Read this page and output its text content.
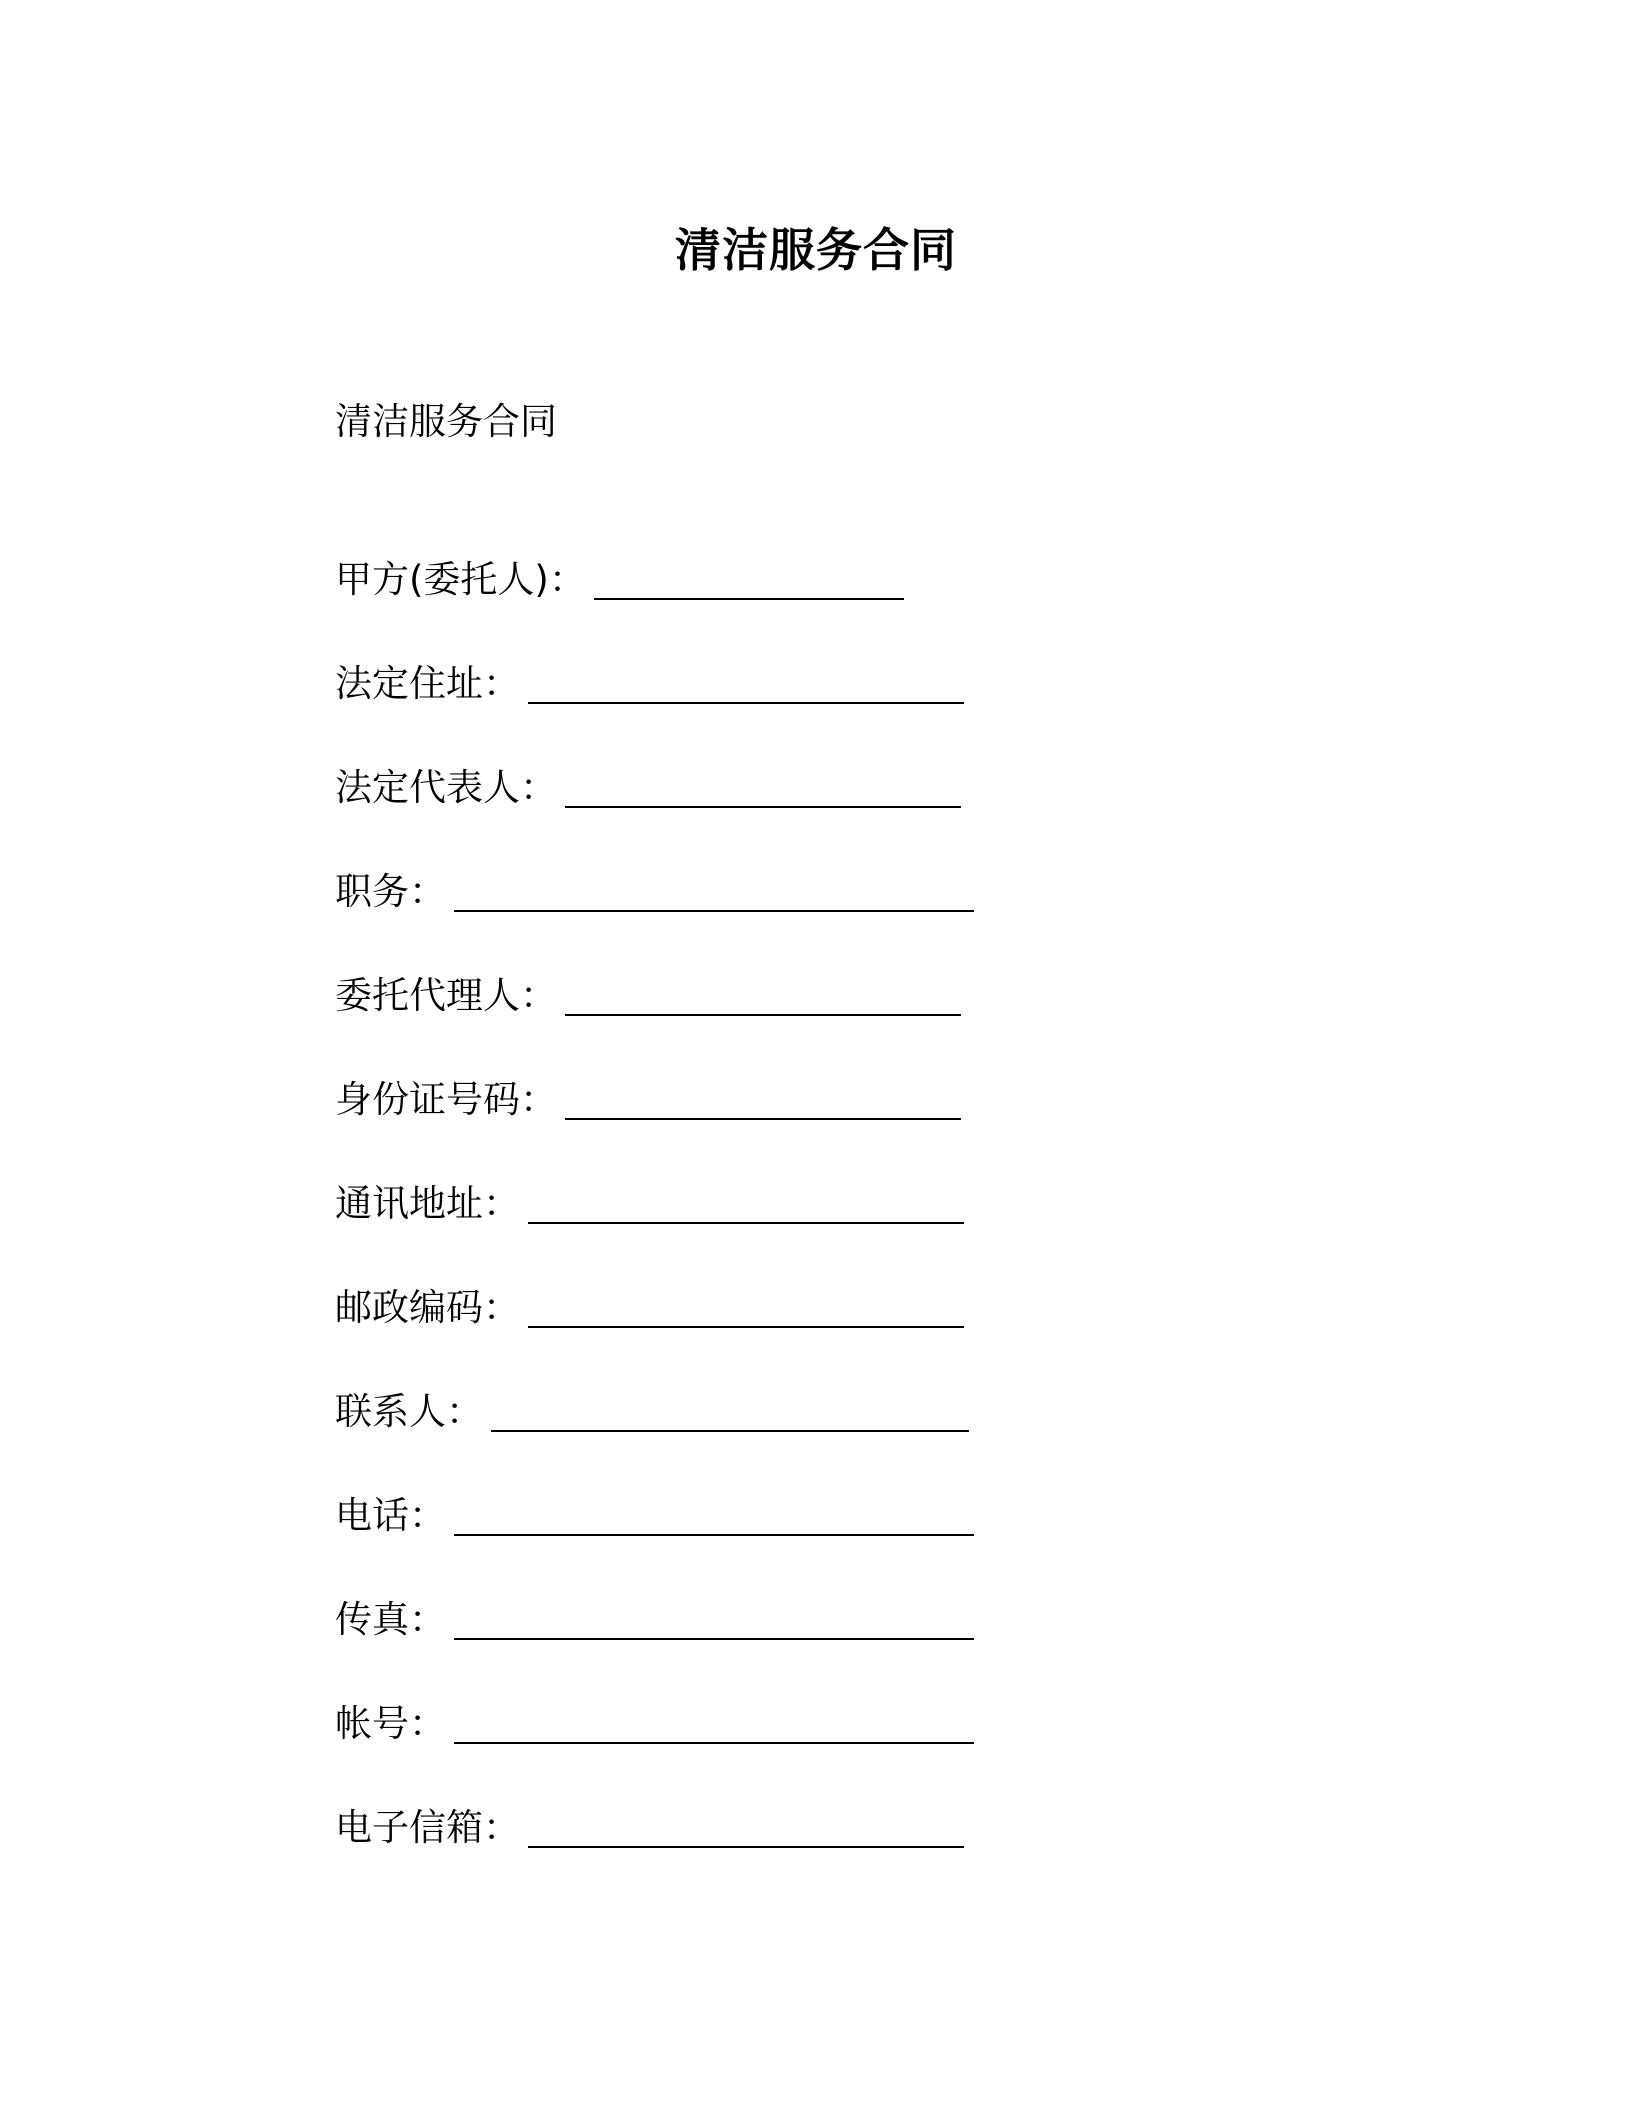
清洁服务合同
清洁服务合同
甲方(委托人)：
法定住址：
法定代表人：
职务：
委托代理人：
身份证号码：
通讯地址：
邮政编码：
联系人：
电话：
传真：
帐号：
电子信箱：
